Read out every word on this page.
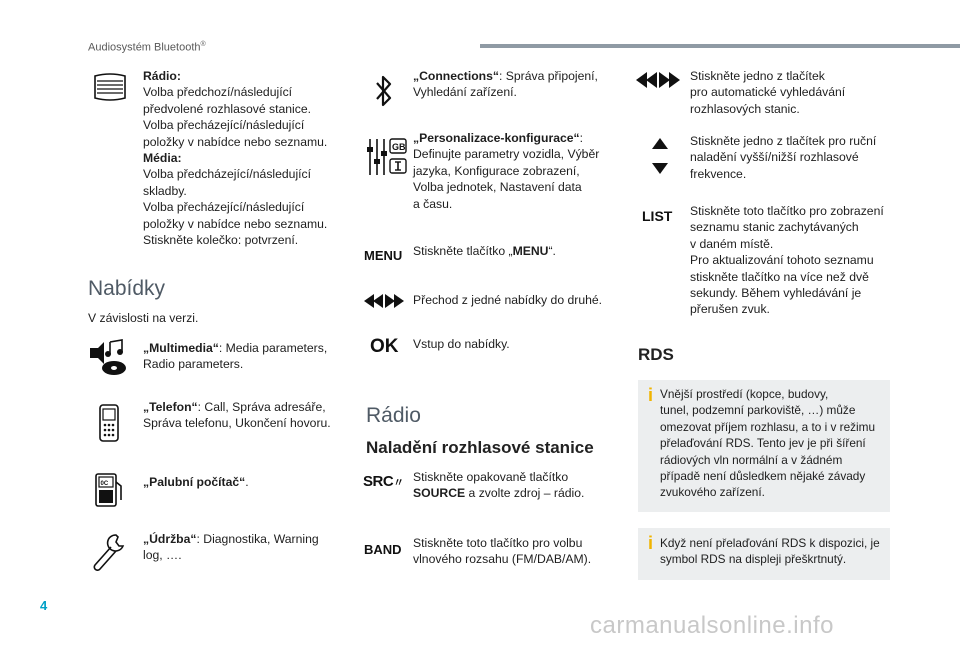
Audiosystém Bluetooth®
Rádio:
Volba předchozí/následující
předvolené rozhlasové stanice.
Volba přecházející/následující
položky v nabídce nebo seznamu.
Média:
Volba předcházející/následující
skladby.
Volba přecházející/následující
položky v nabídce nebo seznamu.
Stiskněte kolečko: potvrzení.
Nabídky
V závislosti na verzi.
„Multimedia“: Media parameters,
Radio parameters.
„Telefon“: Call, Správa adresáře,
Správa telefonu, Ukončení hovoru.
0C	„Palubní počítač“.
„Údržba“: Diagnostika, Warning
log, ….
„Connections“: Správa připojení,
Vyhledání zařízení.
GB
„Personalizace-konfigurace“:
Definujte parametry vozidla, Výběr
jazyka, Konfigurace zobrazení,
Volba jednotek, Nastavení data
a času.
MENU Stiskněte tlačítko „MENU“.
Přechod z jedné nabídky do druhé.
OK Vstup do nabídky.
Rádio
Naladění rozhlasové stanice
SRC〃 Stiskněte opakovaně tlačítko
SOURCE a zvolte zdroj – rádio.
BAND Stiskněte toto tlačítko pro volbu
vlnového rozsahu (FM/DAB/AM).
Stiskněte jedno z tlačítek
pro automatické vyhledávání
rozhlasových stanic.
Stiskněte jedno z tlačítek pro ruční
naladění vyšší/nižší rozhlasové
frekvence.
LIST Stiskněte toto tlačítko pro zobrazení
seznamu stanic zachytávaných
v daném místě.
Pro aktualizování tohoto seznamu
stiskněte tlačítko na více než dvě
sekundy. Během vyhledávání je
přerušen zvuk.
RDS
i Vnější prostředí (kopce, budovy,
tunel, podzemní parkoviště, …) může
omezovat příjem rozhlasu, a to i v režimu
přelaďování RDS. Tento jev je při šíření
rádiových vln normální a v žádném
případě není důsledkem nějaké závady
zvukového zařízení.
i Když není přelaďování RDS k dispozici, je
symbol RDS na displeji přeškrtnutý.
4
carmanualsonline.info
